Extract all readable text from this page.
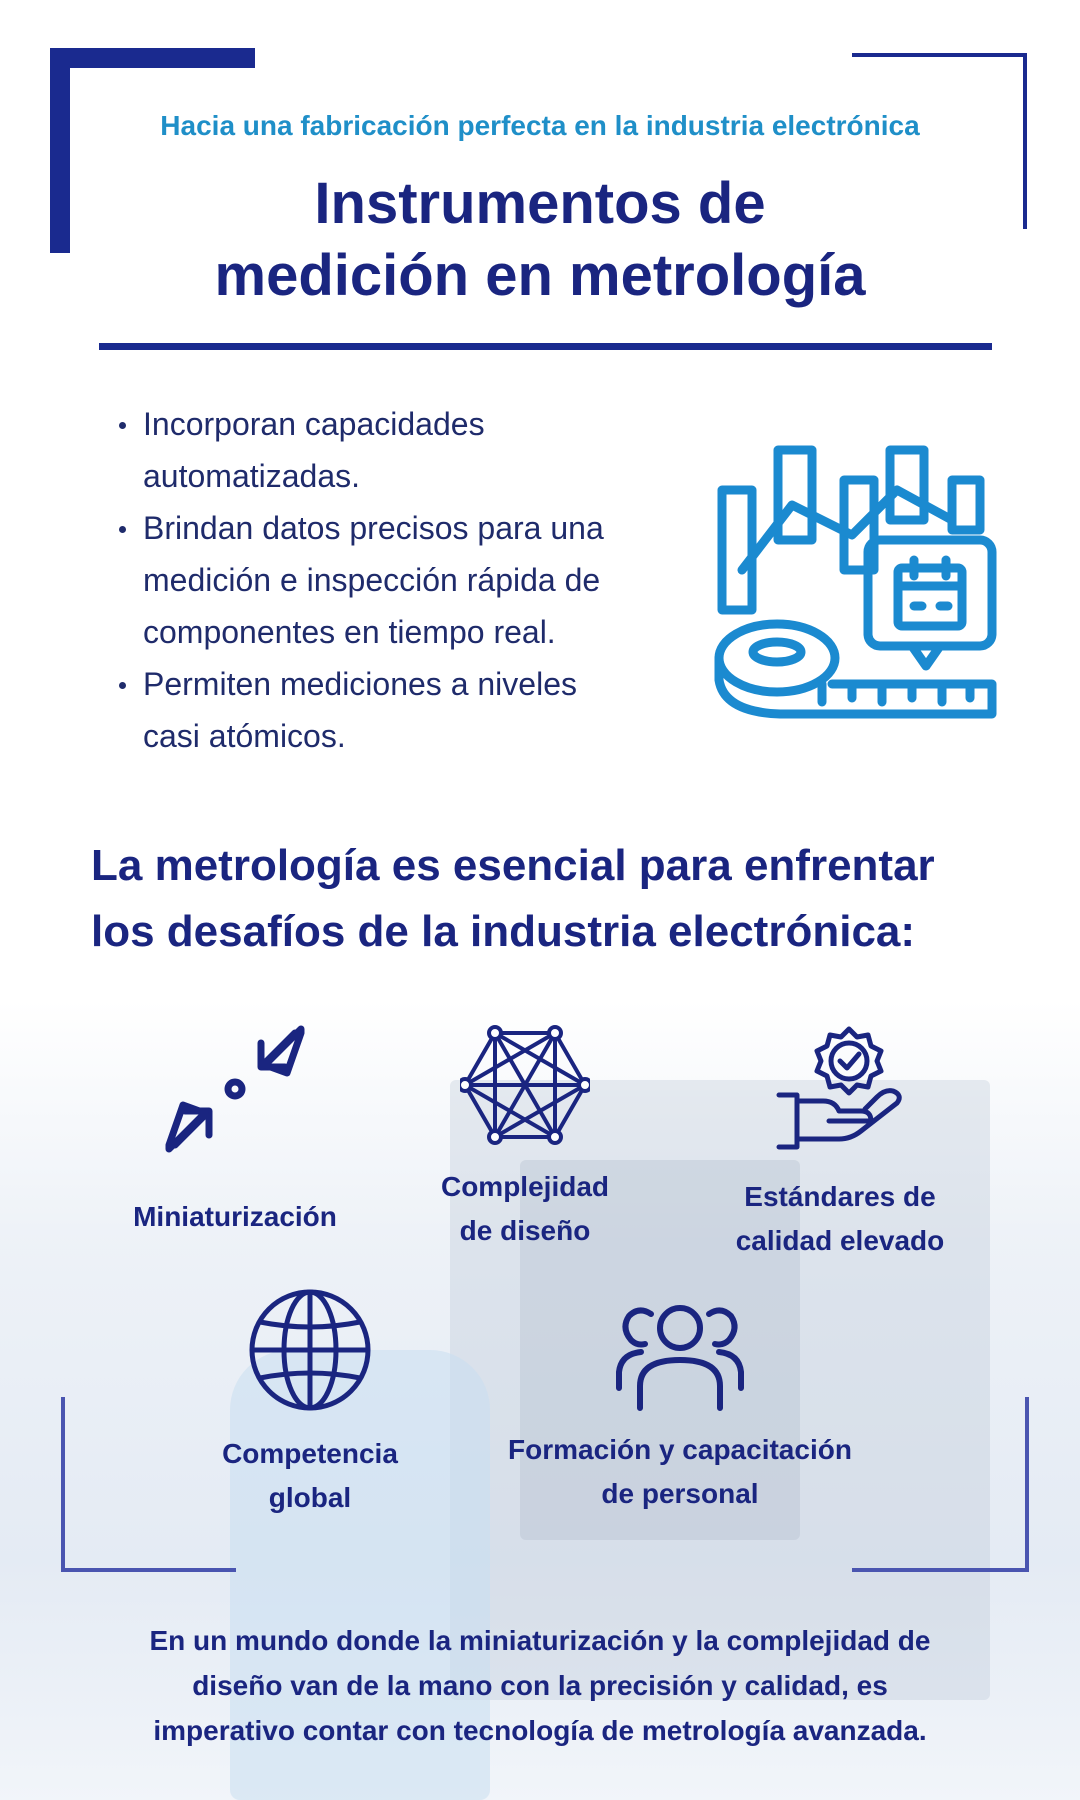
Hacia una fabricación perfecta en la industria electrónica
Instrumentos de
medición en metrología
Incorporan capacidades
automatizadas.
Brindan datos precisos para una
medición e inspección rápida de
componentes en tiempo real.
Permiten mediciones a niveles
casi atómicos.
La metrología es esencial para enfrentar
los desafíos de la industria electrónica:
Miniaturización
Complejidad
de diseño
Estándares de
calidad elevado
Competencia
global
Formación y capacitación
de personal
En un mundo donde la miniaturización y la complejidad de
diseño van de la mano con la precisión y calidad, es
imperativo contar con tecnología de metrología avanzada.
